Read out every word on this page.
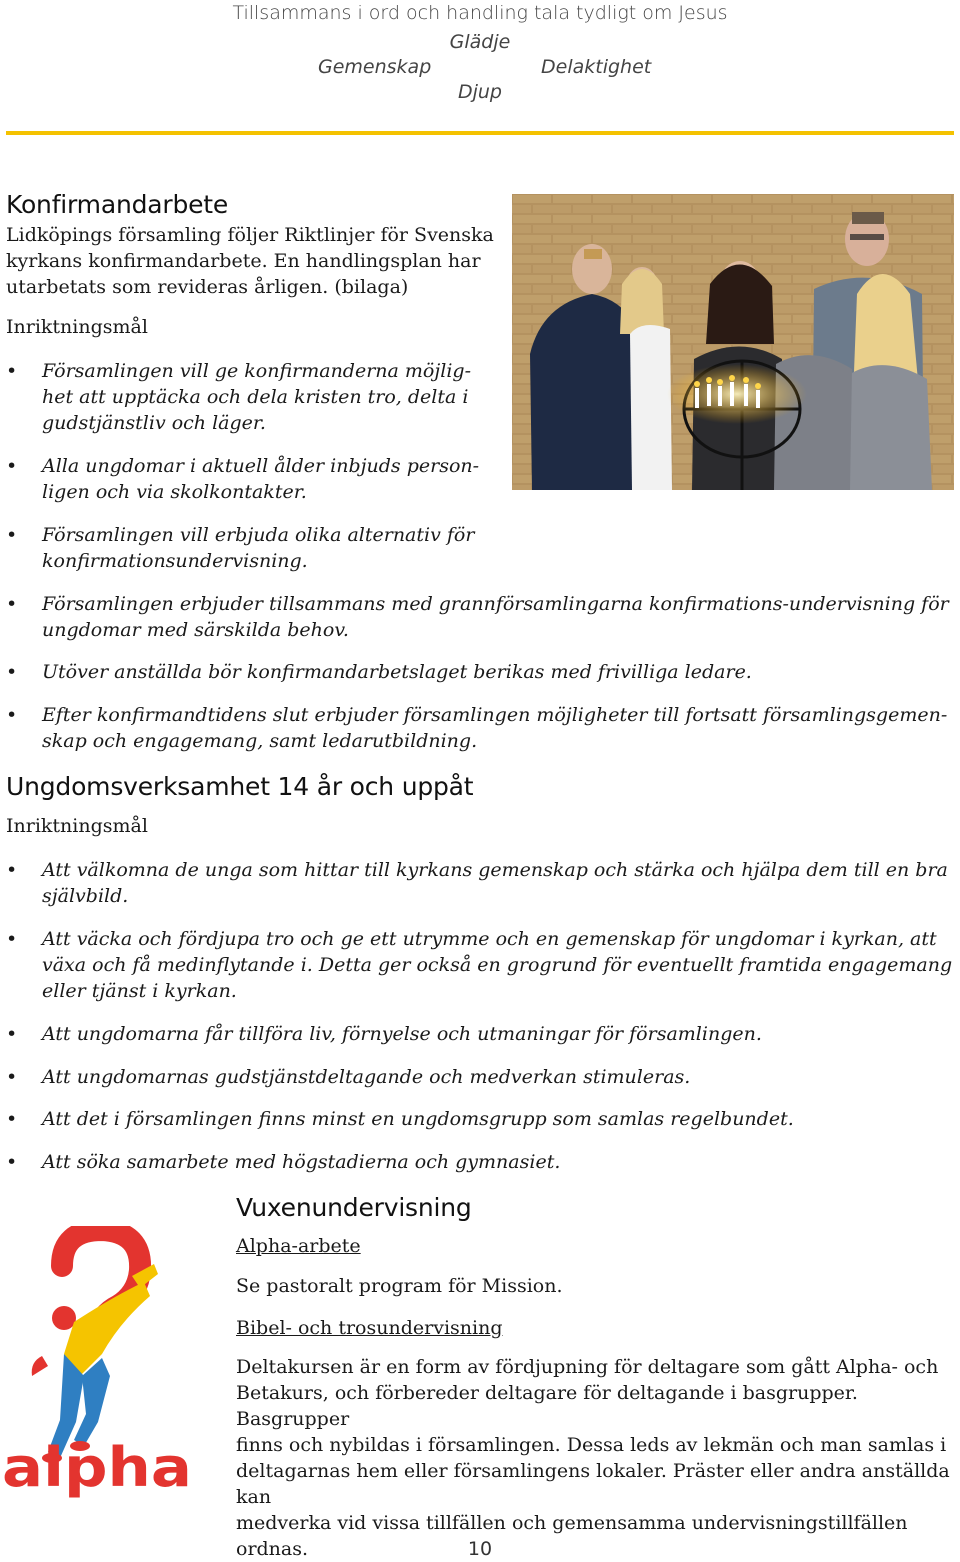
Tillsammans i ord och handling tala tydligt om Jesus
Glädje
Gemenskap	Delaktighet
Djup
Konfirmandarbete
Lidköpings församling följer Riktlinjer för Svenska
kyrkans konfirmandarbete. En handlingsplan har
utarbetats som revideras årligen. (bilaga)
Inriktningsmål
• Församlingen vill ge konfirmanderna möjlig-
het att upptäcka och dela kristen tro, delta i
gudstjänstliv och läger.
• Alla ungdomar i aktuell ålder inbjuds person-
ligen och via skolkontakter.
• Församlingen vill erbjuda olika alternativ för
konfirmationsundervisning.
• Församlingen erbjuder tillsammans med grannförsamlingarna konfirmations-undervisning för
ungdomar med särskilda behov.
• Utöver anställda bör konfirmandarbetslaget berikas med frivilliga ledare.
• Efter konfirmandtidens slut erbjuder församlingen möjligheter till fortsatt församlingsgemen-
skap och engagemang, samt ledarutbildning.
Ungdomsverksamhet 14 år och uppåt
Inriktningsmål
• Att välkomna de unga som hittar till kyrkans gemenskap och stärka och hjälpa dem till en bra
självbild.
• Att väcka och fördjupa tro och ge ett utrymme och en gemenskap för ungdomar i kyrkan, att
växa och få medinflytande i. Detta ger också en grogrund för eventuellt framtida engagemang
eller tjänst i kyrkan.
• Att ungdomarna får tillföra liv, förnyelse och utmaningar för församlingen.
• Att ungdomarnas gudstjänstdeltagande och medverkan stimuleras.
• Att det i församlingen finns minst en ungdomsgrupp som samlas regelbundet.
• Att söka samarbete med högstadierna och gymnasiet.
alpha
Vuxenundervisning
Alpha-arbete
Se pastoralt program för Mission.
Bibel- och trosundervisning
Deltakursen är en form av fördjupning för deltagare som gått Alpha- och
Betakurs, och förbereder deltagare för deltagande i basgrupper. Basgrupper
finns och nybildas i församlingen. Dessa leds av lekmän och man samlas i
deltagarnas hem eller församlingens lokaler. Präster eller andra anställda kan
medverka vid vissa tillfällen och gemensamma undervisningstillfällen ordnas.	10
